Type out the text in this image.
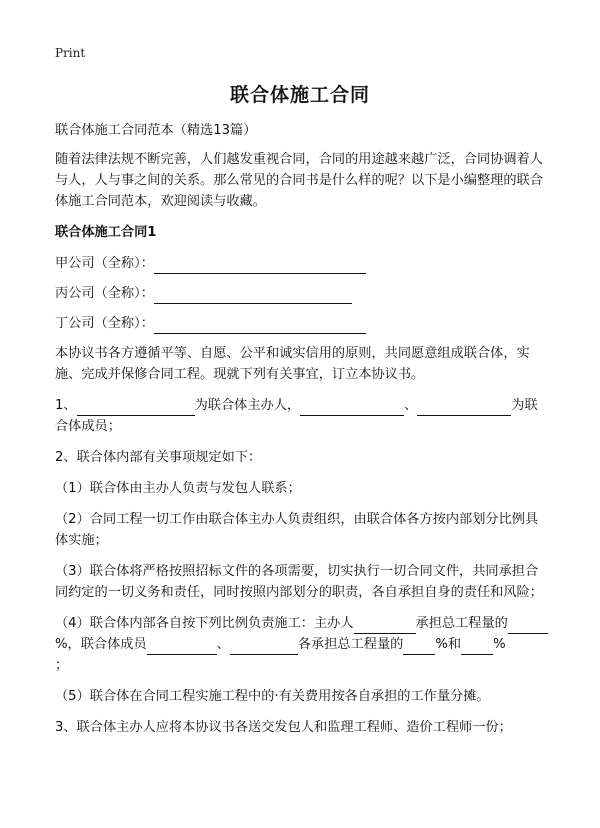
Print
联合体施工合同

联合体施工合同范本（精选13篇）

随着法律法规不断完善，人们越发重视合同，合同的用途越来越广泛，合同协调着人与人，人与事之间的关系。那么常见的合同书是什么样的呢？以下是小编整理的联合体施工合同范本，欢迎阅读与收藏。

联合体施工合同1

甲公司（全称）：
丙公司（全称）：
丁公司（全称）：

本协议书各方遵循平等、自愿、公平和诚实信用的原则，共同愿意组成联合体，实施、完成并保修合同工程。现就下列有关事宜，订立本协议书。

1、	为联合体主办人，	、	为联合体成员；

2、联合体内部有关事项规定如下：

（1）联合体由主办人负责与发包人联系；

（2）合同工程一切工作由联合体主办人负责组织，由联合体各方按内部划分比例具体实施；

（3）联合体将严格按照招标文件的各项需要，切实执行一切合同文件，共同承担合同约定的一切义务和责任，同时按照内部划分的职责，各自承担自身的责任和风险；

（4）联合体内部各自按下列比例负责施工：主办人	承担总工程量的%，联合体成员	、	各承担总工程量的 %和 %
；

（5）联合体在合同工程实施工程中的·有关费用按各自承担的工作量分摊。

3、联合体主办人应将本协议书各送交发包人和监理工程师、造价工程师一份；
